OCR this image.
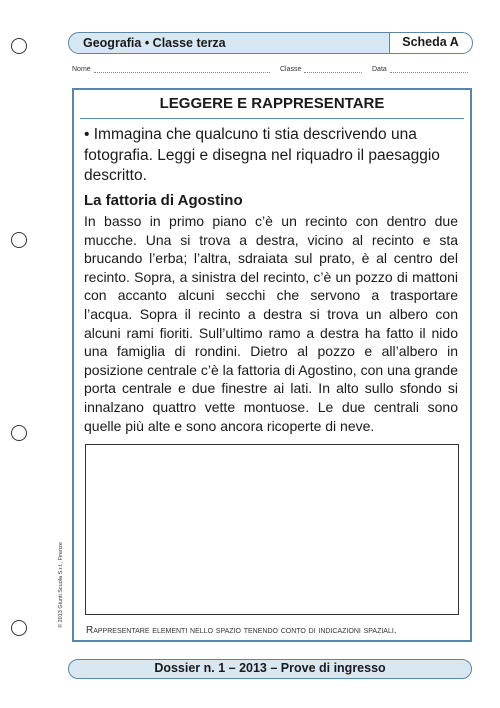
Geografia • Classe terza	Scheda A
Nome	Classe	Data
LEGGERE E RAPPRESENTARE
• Immagina che qualcuno ti stia descrivendo una fotografia. Leggi e disegna nel riquadro il paesaggio descritto.
La fattoria di Agostino
In basso in primo piano c’è un recinto con dentro due mucche. Una si trova a destra, vicino al recinto e sta brucando l’erba; l’altra, sdraiata sul prato, è al centro del recinto. Sopra, a sinistra del recinto, c’è un pozzo di mattoni con accanto alcuni secchi che servono a trasportare l’acqua. Sopra il recinto a destra si trova un albero con alcuni rami fioriti. Sull’ultimo ramo a destra ha fatto il nido una famiglia di rondini. Dietro al pozzo e all’albero in posizione centrale c’è la fattoria di Agostino, con una grande porta centrale e due finestre ai lati. In alto sullo sfondo si innalzano quattro vette montuose. Le due centrali sono quelle più alte e sono ancora ricoperte di neve.
Rappresentare elementi nello spazio tenendo conto di indicazioni spaziali.
© 2013 Giunti Scuola S.r.l., Firenze
Dossier n. 1 – 2013 – Prove di ingresso
